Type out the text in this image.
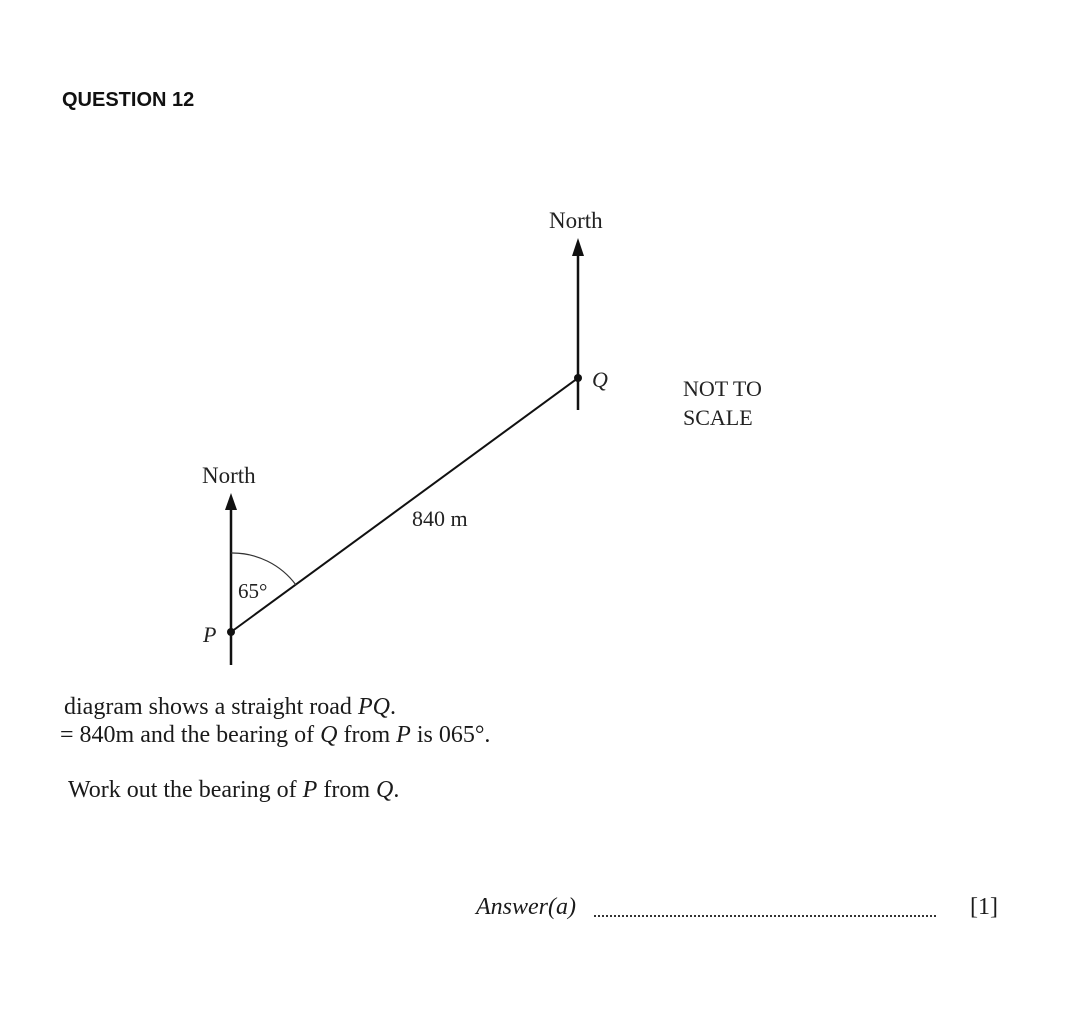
QUESTION 12
North
North
65°
P
Q
840 m
NOT TO
SCALE
diagram shows a straight road PQ.
= 840m and the bearing of Q from P is 065°.
Work out the bearing of P from Q.
Answer(a)	[1]
